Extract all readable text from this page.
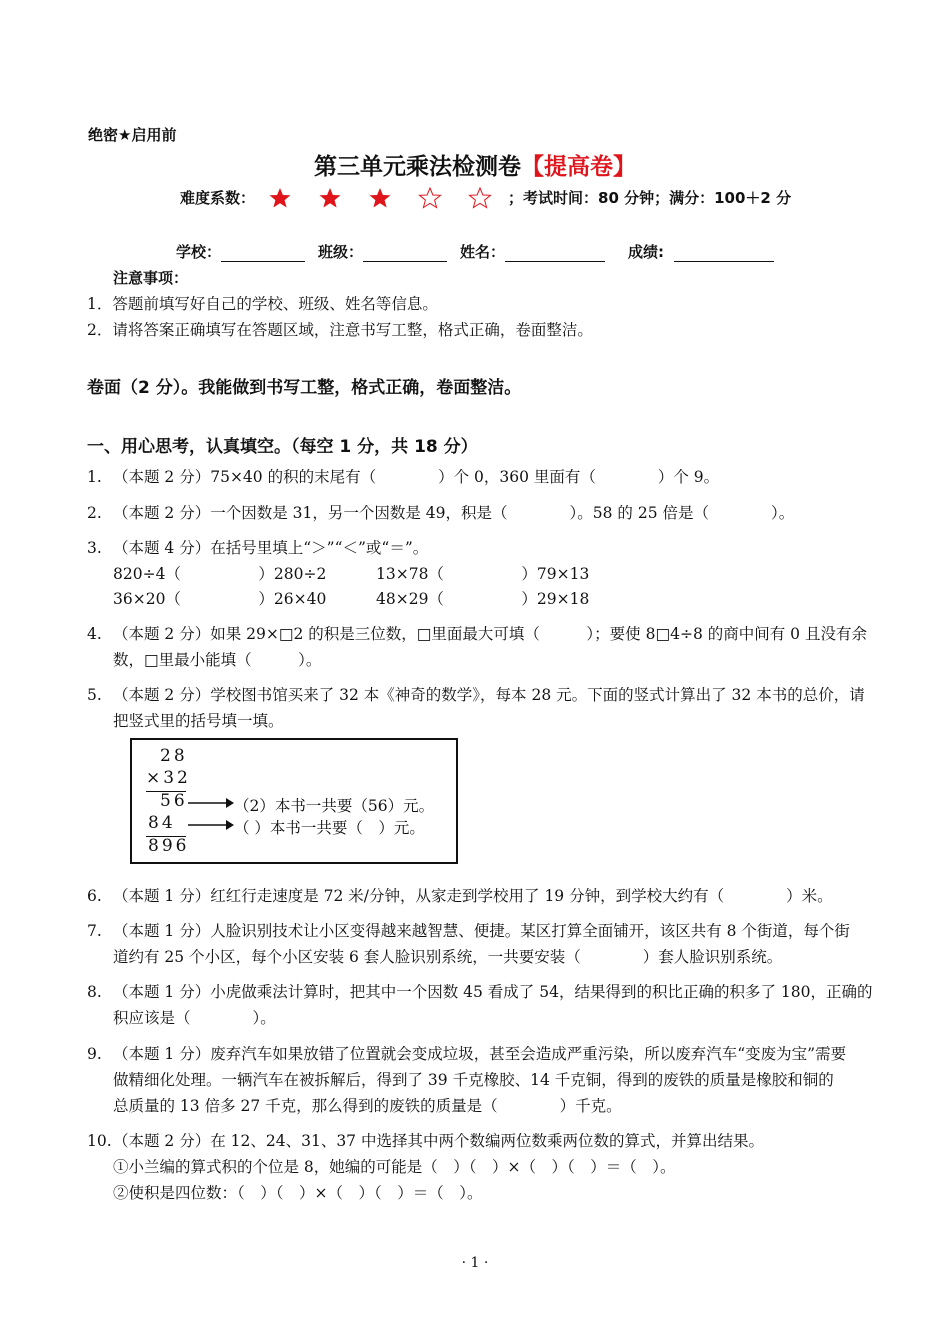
绝密★启用前
第三单元乘法检测卷【提高卷】
难度系数：	；考试时间：80 分钟；满分：100＋2 分
学校：	班级：	姓名：	成绩:
注意事项：
1．答题前填写好自己的学校、班级、姓名等信息。
2．请将答案正确填写在答题区域，注意书写工整，格式正确，卷面整洁。
卷面（2 分）。我能做到书写工整，格式正确，卷面整洁。
一、用心思考，认真填空。（每空 1 分，共 18 分）
1. （本题 2 分）75×40 的积的末尾有（　　　　）个 0，360 里面有（　　　　）个 9。
2. （本题 2 分）一个因数是 31，另一个因数是 49，积是（　　　　）。58 的 25 倍是（　　　　）。
3. （本题 4 分）在括号里填上“＞”“＜”或“＝”。
820÷4（　　　　　）280÷2	13×78（　　　　　）79×13
36×20（　　　　　）26×40	48×29（　　　　　）29×18
4. （本题 2 分）如果 29×□2 的积是三位数，□里面最大可填（　　　）；要使 8□4÷8 的商中间有 0 且没有余
数，□里最小能填（　　　）。
5. （本题 2 分）学校图书馆买来了 32 本《神奇的数学》，每本 28 元。下面的竖式计算出了 32 本书的总价，请
把竖式里的括号填一填。
28
×32
56
84
896
（2）本书一共要（56）元。
（ ）本书一共要（　）元。
6. （本题 1 分）红红行走速度是 72 米/分钟，从家走到学校用了 19 分钟，到学校大约有（　　　　）米。
7. （本题 1 分）人脸识别技术让小区变得越来越智慧、便捷。某区打算全面铺开，该区共有 8 个街道，每个街
道约有 25 个小区，每个小区安装 6 套人脸识别系统，一共要安装（　　　　）套人脸识别系统。
8. （本题 1 分）小虎做乘法计算时，把其中一个因数 45 看成了 54，结果得到的积比正确的积多了 180，正确的
积应该是（　　　　）。
9. （本题 1 分）废弃汽车如果放错了位置就会变成垃圾，甚至会造成严重污染，所以废弃汽车“变废为宝”需要
做精细化处理。一辆汽车在被拆解后，得到了 39 千克橡胶、14 千克铜，得到的废铁的质量是橡胶和铜的
总质量的 13 倍多 27 千克，那么得到的废铁的质量是（　　　　）千克。
10.（本题 2 分）在 12、24、31、37 中选择其中两个数编两位数乘两位数的算式，并算出结果。
①小兰编的算式积的个位是 8，她编的可能是（　）（　）×（　）（　）＝（　）。
②使积是四位数：（　）（　）×（　）（　）＝（　）。
· 1 ·
